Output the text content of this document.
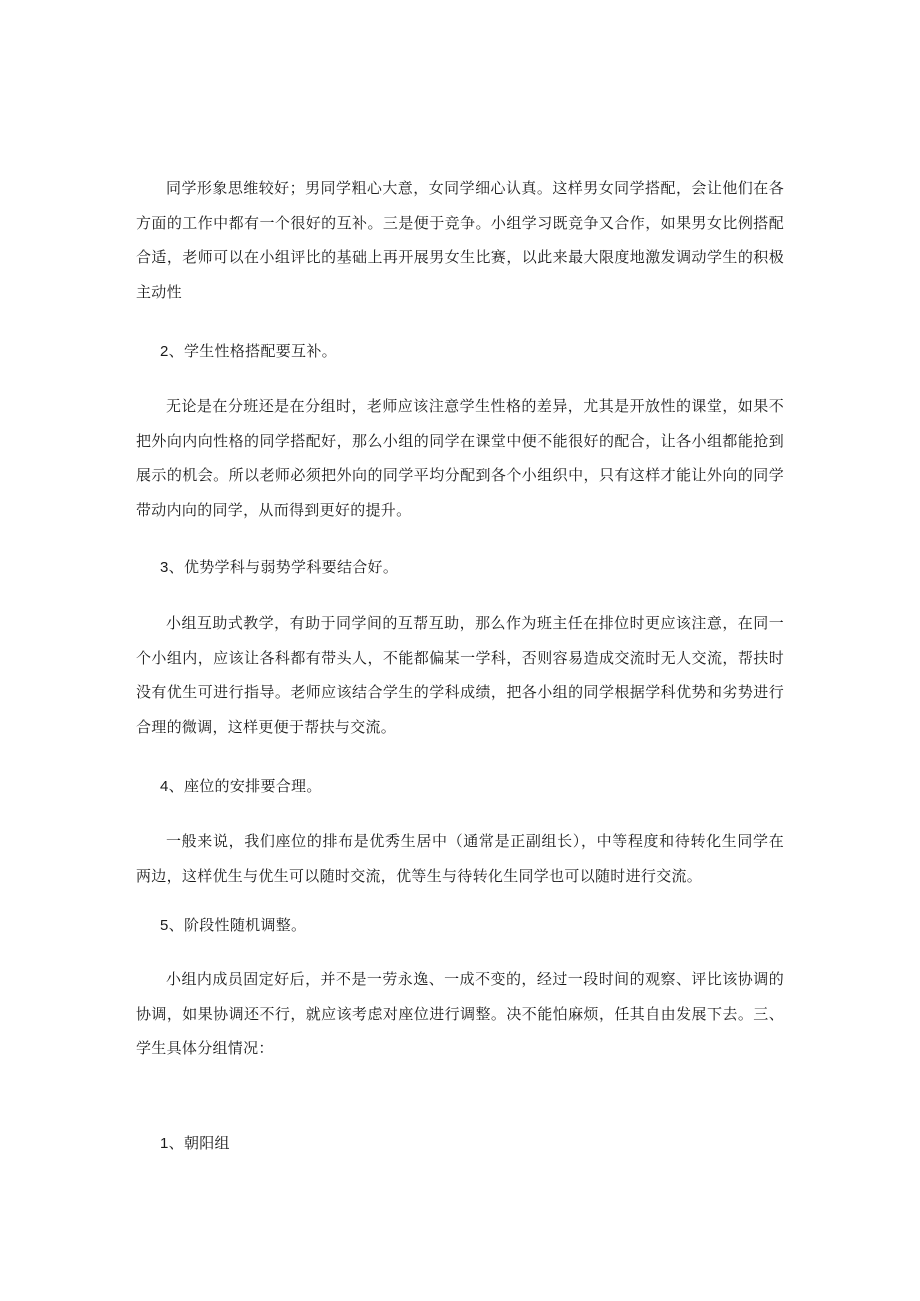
同学形象思维较好；男同学粗心大意，女同学细心认真。这样男女同学搭配，会让他们在各方面的工作中都有一个很好的互补。三是便于竞争。小组学习既竞争又合作，如果男女比例搭配合适，老师可以在小组评比的基础上再开展男女生比赛，以此来最大限度地激发调动学生的积极主动性

2、学生性格搭配要互补。

无论是在分班还是在分组时，老师应该注意学生性格的差异，尤其是开放性的课堂，如果不把外向内向性格的同学搭配好，那么小组的同学在课堂中便不能很好的配合，让各小组都能抢到展示的机会。所以老师必须把外向的同学平均分配到各个小组织中，只有这样才能让外向的同学带动内向的同学，从而得到更好的提升。

3、优势学科与弱势学科要结合好。

小组互助式教学，有助于同学间的互帮互助，那么作为班主任在排位时更应该注意，在同一个小组内，应该让各科都有带头人，不能都偏某一学科，否则容易造成交流时无人交流，帮扶时没有优生可进行指导。老师应该结合学生的学科成绩，把各小组的同学根据学科优势和劣势进行合理的微调，这样更便于帮扶与交流。

4、座位的安排要合理。

一般来说，我们座位的排布是优秀生居中（通常是正副组长），中等程度和待转化生同学在两边，这样优生与优生可以随时交流，优等生与待转化生同学也可以随时进行交流。

5、阶段性随机调整。

小组内成员固定好后，并不是一劳永逸、一成不变的，经过一段时间的观察、评比该协调的协调，如果协调还不行，就应该考虑对座位进行调整。决不能怕麻烦，任其自由发展下去。三、学生具体分组情况：

1、朝阳组
